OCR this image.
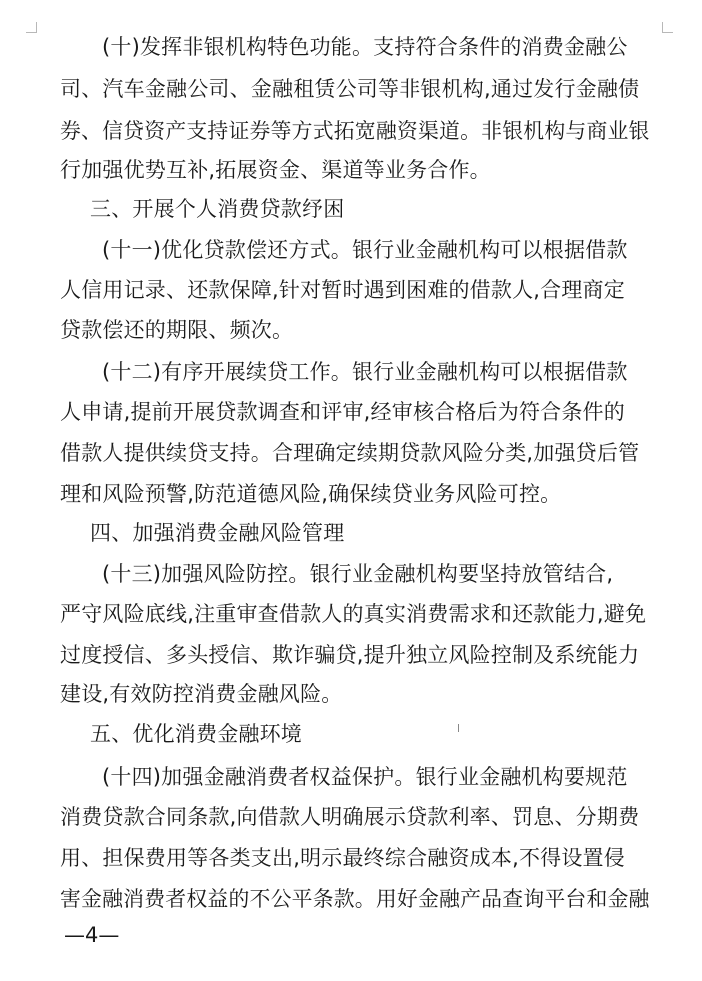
(十)发挥非银机构特色功能。支持符合条件的消费金融公
司、汽车金融公司、金融租赁公司等非银机构,通过发行金融债
券、信贷资产支持证券等方式拓宽融资渠道。非银机构与商业银
行加强优势互补,拓展资金、渠道等业务合作。
三、开展个人消费贷款纾困
(十一)优化贷款偿还方式。银行业金融机构可以根据借款
人信用记录、还款保障,针对暂时遇到困难的借款人,合理商定
贷款偿还的期限、频次。
(十二)有序开展续贷工作。银行业金融机构可以根据借款
人申请,提前开展贷款调查和评审,经审核合格后为符合条件的
借款人提供续贷支持。合理确定续期贷款风险分类,加强贷后管
理和风险预警,防范道德风险,确保续贷业务风险可控。
四、加强消费金融风险管理
(十三)加强风险防控。银行业金融机构要坚持放管结合,
严守风险底线,注重审查借款人的真实消费需求和还款能力,避免
过度授信、多头授信、欺诈骗贷,提升独立风险控制及系统能力
建设,有效防控消费金融风险。
五、优化消费金融环境
(十四)加强金融消费者权益保护。银行业金融机构要规范
消费贷款合同条款,向借款人明确展示贷款利率、罚息、分期费
用、担保费用等各类支出,明示最终综合融资成本,不得设置侵
害金融消费者权益的不公平条款。用好金融产品查询平台和金融
—4—
